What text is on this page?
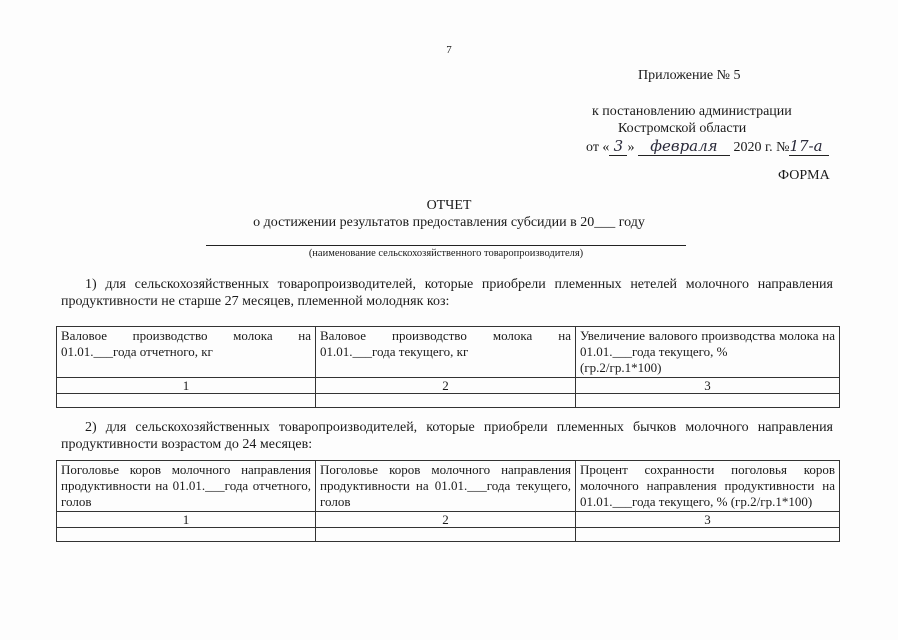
7
Приложение № 5
к постановлению администрации
Костромской области
от « 3 » февраля 2020 г. №17-а
ФОРМА
ОТЧЕТ
о достижении результатов предоставления субсидии в 20___ году
(наименование сельскохозяйственного товаропроизводителя)
1) для сельскохозяйственных товаропроизводителей, которые приобрели племенных нетелей молочного направления продуктивности не старше 27 месяцев, племенной молодняк коз:
Валовое производство молока на 01.01.___года отчетного, кг	Валовое производство молока на 01.01.___года текущего, кг	Увеличение валового производства молока на 01.01.___года текущего, %
(гр.2/гр.1*100)

1	2	3

2) для сельскохозяйственных товаропроизводителей, которые приобрели племенных бычков молочного направления продуктивности возрастом до 24 месяцев:
Поголовье коров молочного направления продуктивности на 01.01.___года отчетного, голов	Поголовье коров молочного направления продуктивности на 01.01.___года текущего, голов	Процент сохранности поголовья коров молочного направления продуктивности на 01.01.___года текущего, % (гр.2/гр.1*100)
1	2	3
